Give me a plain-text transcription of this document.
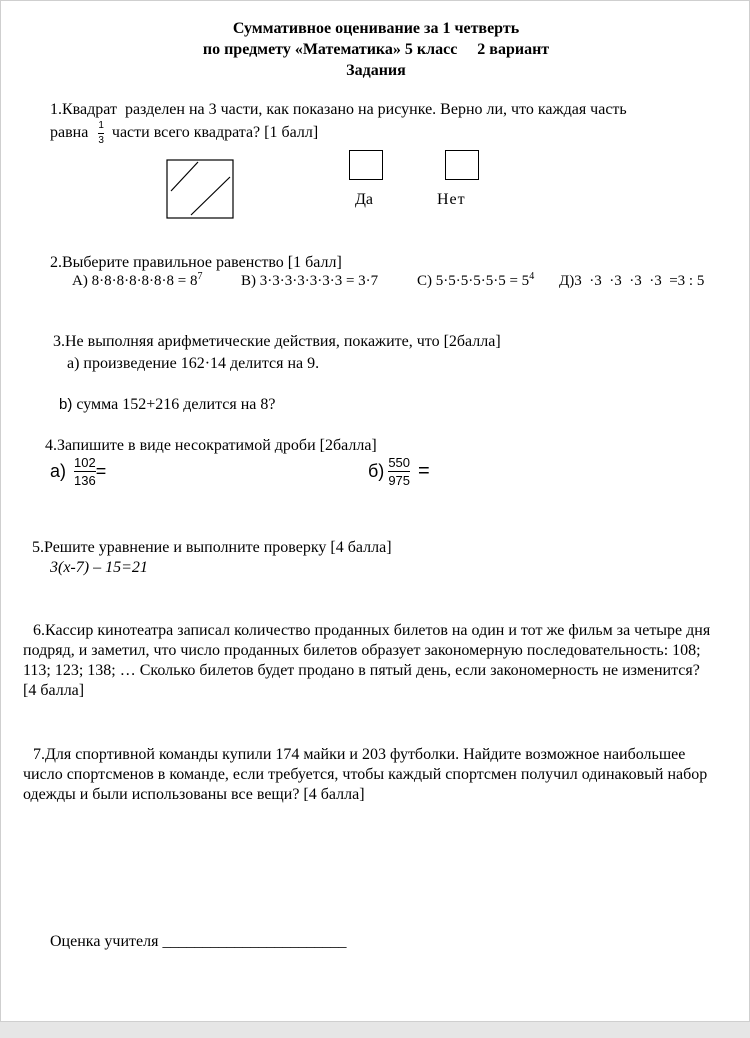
Суммативное оценивание за 1 четверть
по предмету «Математика» 5 класс     2 вариант
Задания
1.Квадрат  разделен на 3 части, как показано на рисунке. Верно ли, что каждая часть
равна $\frac{1}{3}$ части всего квадрата? [1 балл]
Да	Нет
2.Выберите правильное равенство [1 балл]
А) $8\cdot 8\cdot 8\cdot 8\cdot 8\cdot 8\cdot 8 = 8^7$	В) 3·3·3·3·3·3·3 = 3·7	С) $5\cdot 5\cdot 5\cdot 5\cdot 5\cdot 5 = 5^4$ Д)3  ·3  ·3  ·3  ·3  =3 : 5
3.Не выполняя арифметические действия, покажите, что [2балла]
а) произведение 162·14 делится на 9.
b) сумма 152+216 делится на 8?
4.Запишите в виде несократимой дроби [2балла]
$а) \frac{102}{136}$ =	$б) \frac{550}{975}$ =
5.Решите уравнение и выполните проверку [4 балла]
3(x-7) – 15=21
6.Кассир кинотеатра записал количество проданных билетов на один и тот же фильм за четыре дня подряд, и заметил, что число проданных билетов образует закономерную последовательность: 108; 113; 123; 138; … Сколько билетов будет продано в пятый день, если закономерность не изменится? [4 балла]
7.Для спортивной команды купили 174 майки и 203 футболки. Найдите возможное наибольшее число спортсменов в команде, если требуется, чтобы каждый спортсмен получил одинаковый набор одежды и были использованы все вещи? [4 балла]
Оценка учителя _______________________
